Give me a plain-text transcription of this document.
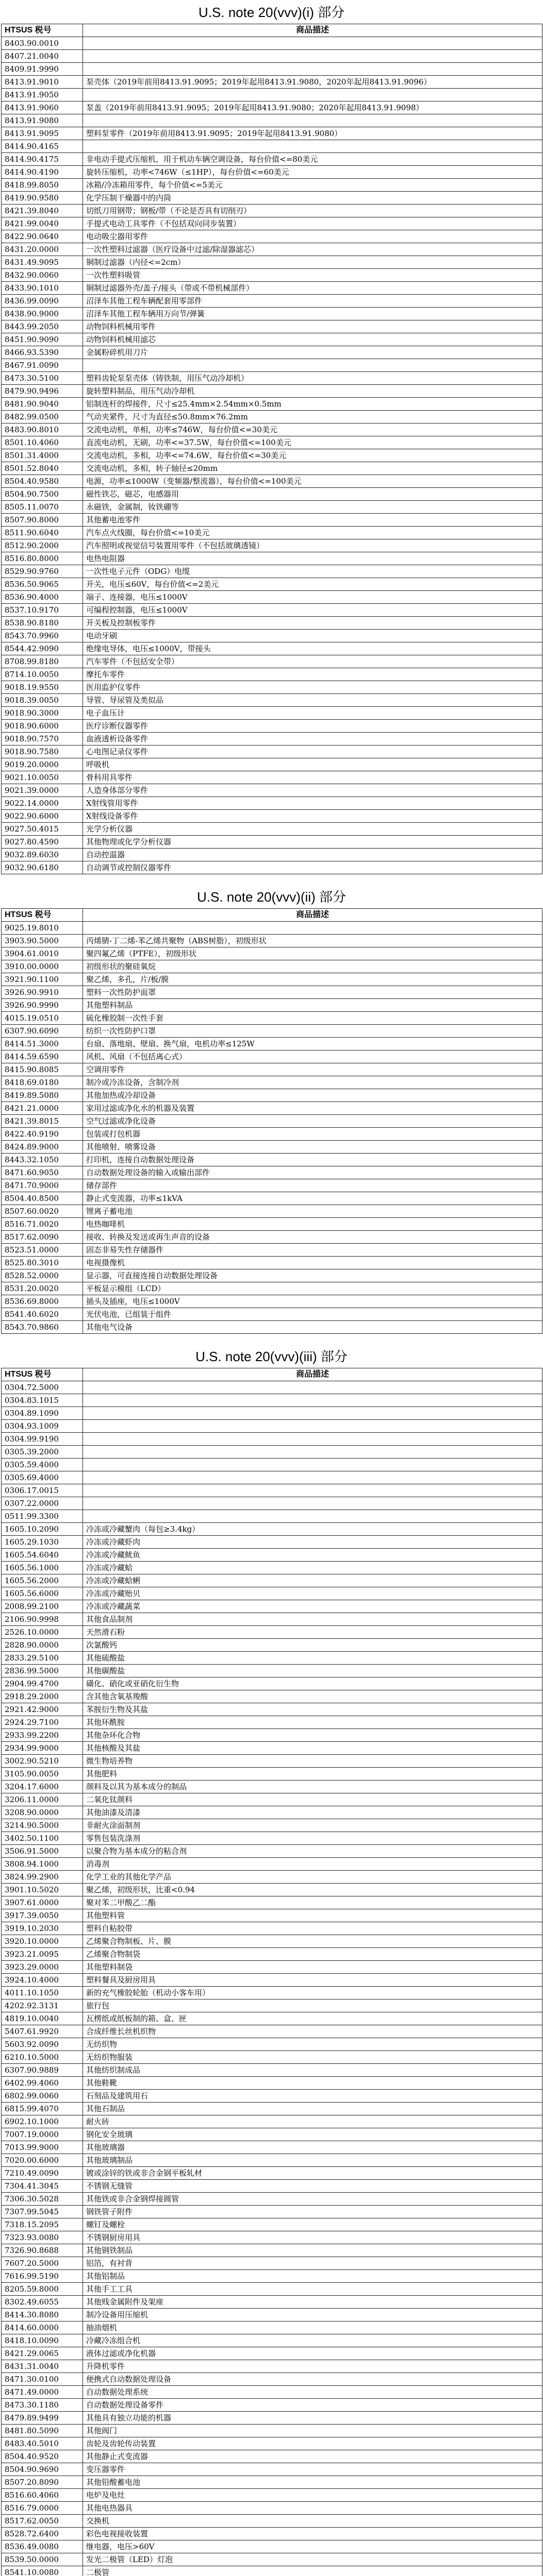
U.S. note 20(vvv)(i) 部分
HTSUS 税号	商品描述
8403.90.0010	
8407.21.0040	
8409.91.9990	
8413.91.9010	泵壳体（2019年前用8413.91.9095；2019年起用8413.91.9080，2020年起用8413.91.9096）
8413.91.9050	
8413.91.9060	泵盖（2019年前用8413.91.9095；2019年起用8413.91.9080；2020年起用8413.91.9098）
8413.91.9080	
8413.91.9095	塑料泵零件（2019年前用8413.91.9095；2019年起用8413.91.9080）
8414.90.4165	
8414.90.4175	非电动手提式压缩机，用于机动车辆空调设备，每台价值<=80美元
8414.90.4190	旋转压缩机，功率<746W（≤1HP），每台价值<=60美元
8418.99.8050	冰箱/冷冻箱用零件，每个价值<=5美元
8419.90.9580	化学压制干燥器中的内筒
8421.39.8040	切纸刀用钢带；钢板/带（不论是否具有切削刃）
8421.99.0040	手提式电动工具零件（不包括双向同步装置）
8422.90.0640	电动吸尘器用零件
8431.20.0000	一次性塑料过滤器（医疗设备中过滤/除湿器滤芯）
8431.49.9095	铜制过滤器（内径<=2cm）
8432.90.0060	一次性塑料吸管
8433.90.1010	铜制过滤器外壳/盖子/接头（带或不带机械部件）
8436.99.0090	沼泽车其他工程车辆配套用零部件
8438.90.9000	沼泽车其他工程车辆用万向节/弹簧
8443.99.2050	动物饲料机械用零件
8451.90.9090	动物饲料机械用滤芯
8466.93.5390	金属粉碎机用刀片
8467.91.0090	
8473.30.5100	塑料齿轮泵泵壳体（铸铁制，用压气动冷却机）
8479.90.9496	旋转塑料制品，用压气动冷却机
8481.90.9040	铝制连杆的焊接件，尺寸≤25.4mm×2.54mm×0.5mm
8482.99.0500	气动夹紧件，尺寸为直径≤50.8mm×76.2mm
8483.90.8010	交流电动机，单相，功率≤746W，每台价值<=30美元
8501.10.4060	直流电动机，无刷，功率<=37.5W，每台价值<=100美元
8501.31.4000	交流电动机，多相，功率<=74.6W，每台价值<=30美元
8501.52.8040	交流电动机，多相，转子轴径≤20mm
8504.40.9580	电源，功率≤1000W（变频器/整流器），每台价值<=100美元
8504.90.7500	磁性铁芯，磁芯，电感器用
8505.11.0070	永磁铁，金属制，钕铁硼等
8507.90.8000	其他蓄电池零件
8511.90.6040	汽车点火线圈，每台价值<=10美元
8512.90.2000	汽车照明或视觉信号装置用零件（不包括玻璃透镜）
8516.80.8000	电热电阻器
8529.90.9760	一次性电子元件（ODG）电缆
8536.50.9065	开关，电压≤60V，每台价值<=2美元
8536.90.4000	端子、连接器，电压≤1000V
8537.10.9170	可编程控制器，电压≤1000V
8538.90.8180	开关板及控制板零件
8543.70.9960	电动牙刷
8544.42.9090	绝缘电导体，电压≤1000V，带接头
8708.99.8180	汽车零件（不包括安全带）
8714.10.0050	摩托车零件
9018.19.9550	医用监护仪零件
9018.39.0050	导管、导尿管及类似品
9018.90.3000	电子血压计
9018.90.6000	医疗诊断仪器零件
9018.90.7570	血液透析设备零件
9018.90.7580	心电图记录仪零件
9019.20.0000	呼吸机
9021.10.0050	骨科用具零件
9021.39.0000	人造身体部分零件
9022.14.0000	X射线管用零件
9022.90.6000	X射线设备零件
9027.50.4015	光学分析仪器
9027.80.4590	其他物理或化学分析仪器
9032.89.6030	自动控温器
9032.90.6180	自动调节或控制仪器零件
U.S. note 20(vvv)(ii) 部分
HTSUS 税号	商品描述
9025.19.8010	
3903.90.5000	丙烯腈-丁二烯-苯乙烯共聚物（ABS树脂），初级形状
3904.61.0010	聚四氟乙烯（PTFE），初级形状
3910.00.0000	初级形状的聚硅氧烷
3921.90.1100	聚乙烯，多孔，片/板/膜
3926.90.9910	塑料一次性防护面罩
3926.90.9990	其他塑料制品
4015.19.0510	硫化橡胶制一次性手套
6307.90.6090	纺织一次性防护口罩
8414.51.3000	台扇、落地扇、壁扇、换气扇，电机功率≤125W
8414.59.6590	风机、风扇（不包括离心式）
8415.90.8085	空调用零件
8418.69.0180	制冷或冷冻设备，含制冷剂
8419.89.5080	其他加热或冷却设备
8421.21.0000	家用过滤或净化水的机器及装置
8421.39.8015	空气过滤或净化设备
8422.40.9190	包装或打包机器
8424.89.9000	其他喷射、喷雾设备
8443.32.1050	打印机，连接自动数据处理设备
8471.60.9050	自动数据处理设备的输入或输出部件
8471.70.9000	储存部件
8504.40.8500	静止式变流器，功率≤1kVA
8507.60.0020	锂离子蓄电池
8516.71.0020	电热咖啡机
8517.62.0090	接收、转换及发送或再生声音的设备
8523.51.0000	固态非易失性存储器件
8525.80.3010	电视摄像机
8528.52.0000	显示器，可直接连接自动数据处理设备
8531.20.0020	平板显示模组（LCD）
8536.69.8000	插头及插座，电压≤1000V
8541.40.6020	光伏电池，已组装于组件
8543.70.9860	其他电气设备
U.S. note 20(vvv)(iii) 部分
HTSUS 税号	商品描述
0304.72.5000	
0304.83.1015	
0304.89.1090	
0304.93.1009	
0304.99.9190	
0305.39.2000	
0305.59.4000	
0305.69.4000	
0306.17.0015	
0307.22.0000	
0511.99.3300	
1605.10.2090	冷冻或冷藏蟹肉（每包≥3.4kg）
1605.29.1030	冷冻或冷藏虾肉
1605.54.6040	冷冻或冷藏鱿鱼
1605.56.1000	冷冻或冷藏蛤
1605.56.2000	冷冻或冷藏蛤蜊
1605.56.6000	冷冻或冷藏贻贝
2008.99.2100	冷冻或冷藏蔬菜
2106.90.9998	其他食品制剂
2526.10.0000	天然滑石粉
2828.90.0000	次氯酸钙
2833.29.5100	其他硫酸盐
2836.99.5000	其他碳酸盐
2904.99.4700	磺化、硝化或亚硝化衍生物
2918.29.2000	含其他含氧基羧酸
2921.42.9000	苯胺衍生物及其盐
2924.29.7100	其他环酰胺
2933.99.2200	其他杂环化合物
2934.99.9000	其他核酸及其盐
3002.90.5210	微生物培养物
3105.90.0050	其他肥料
3204.17.6000	颜料及以其为基本成分的制品
3206.11.0000	二氧化钛颜料
3208.90.0000	其他油漆及清漆
3214.90.5000	非耐火涂面制剂
3402.50.1100	零售包装洗涤剂
3506.91.5000	以聚合物为基本成分的粘合剂
3808.94.1000	消毒剂
3824.99.2900	化学工业的其他化学产品
3901.10.5020	聚乙烯，初级形状，比重<0.94
3907.61.0000	聚对苯二甲酸乙二酯
3917.39.0050	其他塑料管
3919.10.2030	塑料自粘胶带
3920.10.0000	乙烯聚合物制板、片、膜
3923.21.0095	乙烯聚合物制袋
3923.29.0000	其他塑料制袋
3924.10.4000	塑料餐具及厨房用具
4011.10.1050	新的充气橡胶轮胎（机动小客车用）
4202.92.3131	旅行包
4819.10.0040	瓦楞纸或纸板制的箱、盒、匣
5407.61.9920	合成纤维长丝机织物
5603.92.0090	无纺织物
6210.10.5000	无纺织物服装
6307.90.9889	其他纺织制成品
6402.99.4060	其他鞋靴
6802.99.0060	石刻品及建筑用石
6815.99.4070	其他石制品
6902.10.1000	耐火砖
7007.19.0000	钢化安全玻璃
7013.99.9000	其他玻璃器
7020.00.6000	其他玻璃制品
7210.49.0090	镀或涂锌的铁或非合金钢平板轧材
7304.41.3045	不锈钢无缝管
7306.30.5028	其他铁或非合金钢焊接圆管
7307.99.5045	钢铁管子附件
7318.15.2095	螺钉及螺栓
7323.93.0080	不锈钢厨房用具
7326.90.8688	其他钢铁制品
7607.20.5000	铝箔，有衬背
7616.99.5190	其他铝制品
8205.59.8000	其他手工工具
8302.49.6055	其他贱金属附件及架座
8414.30.8080	制冷设备用压缩机
8414.60.0000	抽油烟机
8418.10.0090	冷藏冷冻组合机
8421.29.0065	液体过滤或净化机器
8431.31.0040	升降机零件
8471.30.0100	便携式自动数据处理设备
8471.49.0000	自动数据处理系统
8473.30.1180	自动数据处理设备零件
8479.89.9499	其他具有独立功能的机器
8481.80.5090	其他阀门
8483.40.5010	齿轮及齿轮传动装置
8504.40.9520	其他静止式变流器
8504.90.9690	变压器零件
8507.20.8090	其他铅酸蓄电池
8516.60.4060	电炉及电灶
8516.79.0000	其他电热器具
8517.62.0050	交换机
8528.72.6400	彩色电视接收装置
8536.49.0080	继电器，电压>60V
8539.50.0000	发光二极管（LED）灯泡
8541.10.0080	二极管
